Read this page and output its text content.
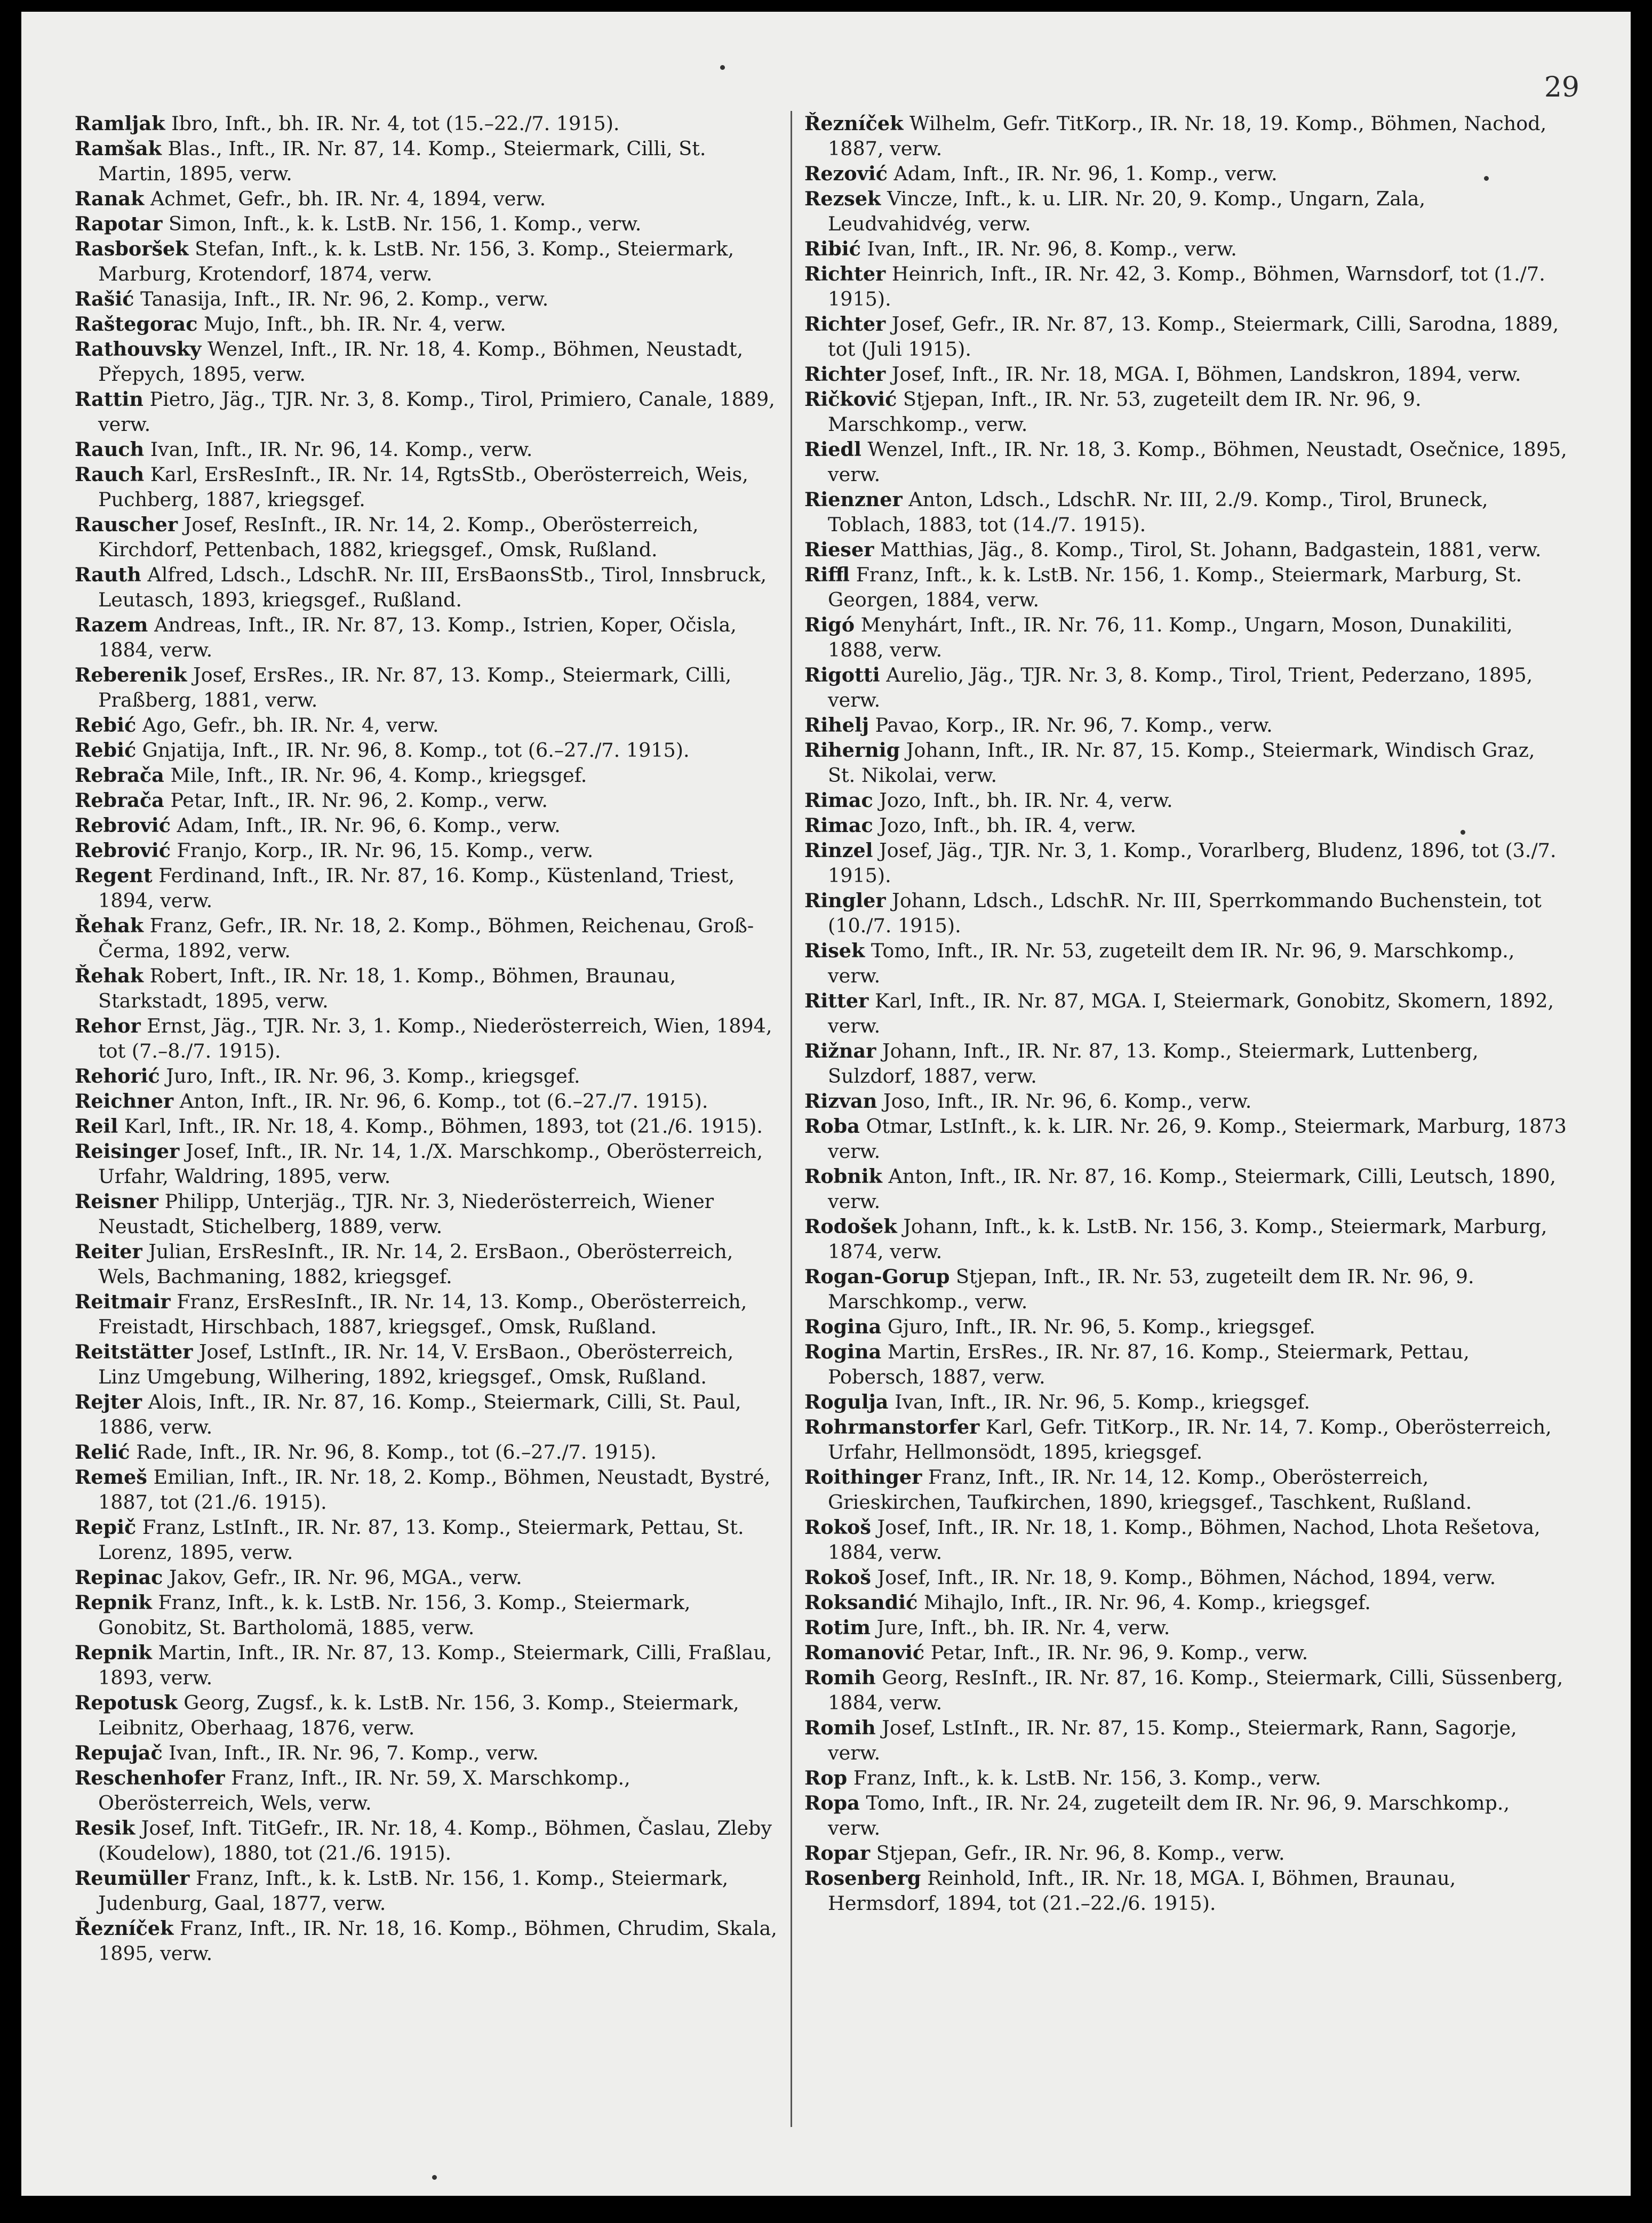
29

Ramljak Ibro, Inft., bh. IR. Nr. 4, tot (15.–22./7. 1915).

Ramšak Blas., Inft., IR. Nr. 87, 14. Komp., Steiermark, Cilli, St. Martin, 1895, verw.

Ranak Achmet, Gefr., bh. IR. Nr. 4, 1894, verw.

Rapotar Simon, Inft., k. k. LstB. Nr. 156, 1. Komp., verw.

Rasboršek Stefan, Inft., k. k. LstB. Nr. 156, 3. Komp., Steiermark, Marburg, Krotendorf, 1874, verw.

Rašić Tanasija, Inft., IR. Nr. 96, 2. Komp., verw.

Raštegorac Mujo, Inft., bh. IR. Nr. 4, verw.

Rathouvsky Wenzel, Inft., IR. Nr. 18, 4. Komp., Böhmen, Neustadt, Přepych, 1895, verw.

Rattin Pietro, Jäg., TJR. Nr. 3, 8. Komp., Tirol, Primiero, Canale, 1889, verw.

Rauch Ivan, Inft., IR. Nr. 96, 14. Komp., verw.

Rauch Karl, ErsResInft., IR. Nr. 14, RgtsStb., Oberösterreich, Weis, Puchberg, 1887, kriegsgef.

Rauscher Josef, ResInft., IR. Nr. 14, 2. Komp., Oberösterreich, Kirchdorf, Pettenbach, 1882, kriegsgef., Omsk, Rußland.

Rauth Alfred, Ldsch., LdschR. Nr. III, ErsBaonsStb., Tirol, Innsbruck, Leutasch, 1893, kriegsgef., Rußland.

Razem Andreas, Inft., IR. Nr. 87, 13. Komp., Istrien, Koper, Očisla, 1884, verw.

Reberenik Josef, ErsRes., IR. Nr. 87, 13. Komp., Steiermark, Cilli, Praßberg, 1881, verw.

Rebić Ago, Gefr., bh. IR. Nr. 4, verw.

Rebić Gnjatija, Inft., IR. Nr. 96, 8. Komp., tot (6.–27./7. 1915).

Rebrača Mile, Inft., IR. Nr. 96, 4. Komp., kriegsgef.

Rebrača Petar, Inft., IR. Nr. 96, 2. Komp., verw.

Rebrović Adam, Inft., IR. Nr. 96, 6. Komp., verw.

Rebrović Franjo, Korp., IR. Nr. 96, 15. Komp., verw.

Regent Ferdinand, Inft., IR. Nr. 87, 16. Komp., Küstenland, Triest, 1894, verw.

Řehak Franz, Gefr., IR. Nr. 18, 2. Komp., Böhmen, Reichenau, Groß-Čerma, 1892, verw.

Řehak Robert, Inft., IR. Nr. 18, 1. Komp., Böhmen, Braunau, Starkstadt, 1895, verw.

Rehor Ernst, Jäg., TJR. Nr. 3, 1. Komp., Niederösterreich, Wien, 1894, tot (7.–8./7. 1915).

Rehorić Juro, Inft., IR. Nr. 96, 3. Komp., kriegsgef.

Reichner Anton, Inft., IR. Nr. 96, 6. Komp., tot (6.–27./7. 1915).

Reil Karl, Inft., IR. Nr. 18, 4. Komp., Böhmen, 1893, tot (21./6. 1915).

Reisinger Josef, Inft., IR. Nr. 14, 1./X. Marschkomp., Oberösterreich, Urfahr, Waldring, 1895, verw.

Reisner Philipp, Unterjäg., TJR. Nr. 3, Niederösterreich, Wiener Neustadt, Stichelberg, 1889, verw.

Reiter Julian, ErsResInft., IR. Nr. 14, 2. ErsBaon., Oberösterreich, Wels, Bachmaning, 1882, kriegsgef.

Reitmair Franz, ErsResInft., IR. Nr. 14, 13. Komp., Oberösterreich, Freistadt, Hirschbach, 1887, kriegsgef., Omsk, Rußland.

Reitstätter Josef, LstInft., IR. Nr. 14, V. ErsBaon., Oberösterreich, Linz Umgebung, Wilhering, 1892, kriegsgef., Omsk, Rußland.

Rejter Alois, Inft., IR. Nr. 87, 16. Komp., Steiermark, Cilli, St. Paul, 1886, verw.

Relić Rade, Inft., IR. Nr. 96, 8. Komp., tot (6.–27./7. 1915).

Remeš Emilian, Inft., IR. Nr. 18, 2. Komp., Böhmen, Neustadt, Bystré, 1887, tot (21./6. 1915).

Repič Franz, LstInft., IR. Nr. 87, 13. Komp., Steiermark, Pettau, St. Lorenz, 1895, verw.

Repinac Jakov, Gefr., IR. Nr. 96, MGA., verw.

Repnik Franz, Inft., k. k. LstB. Nr. 156, 3. Komp., Steiermark, Gonobitz, St. Bartholomä, 1885, verw.

Repnik Martin, Inft., IR. Nr. 87, 13. Komp., Steiermark, Cilli, Fraßlau, 1893, verw.

Repotusk Georg, Zugsf., k. k. LstB. Nr. 156, 3. Komp., Steiermark, Leibnitz, Oberhaag, 1876, verw.

Repujač Ivan, Inft., IR. Nr. 96, 7. Komp., verw.

Reschenhofer Franz, Inft., IR. Nr. 59, X. Marschkomp., Oberösterreich, Wels, verw.

Resik Josef, Inft. TitGefr., IR. Nr. 18, 4. Komp., Böhmen, Časlau, Zleby (Koudelow), 1880, tot (21./6. 1915).

Reumüller Franz, Inft., k. k. LstB. Nr. 156, 1. Komp., Steiermark, Judenburg, Gaal, 1877, verw.

Řezníček Franz, Inft., IR. Nr. 18, 16. Komp., Böhmen, Chrudim, Skala, 1895, verw.

Řezníček Wilhelm, Gefr. TitKorp., IR. Nr. 18, 19. Komp., Böhmen, Nachod, 1887, verw.

Rezović Adam, Inft., IR. Nr. 96, 1. Komp., verw.

Rezsek Vincze, Inft., k. u. LIR. Nr. 20, 9. Komp., Ungarn, Zala, Leudvahidvég, verw.

Ribić Ivan, Inft., IR. Nr. 96, 8. Komp., verw.

Richter Heinrich, Inft., IR. Nr. 42, 3. Komp., Böhmen, Warnsdorf, tot (1./7. 1915).

Richter Josef, Gefr., IR. Nr. 87, 13. Komp., Steiermark, Cilli, Sarodna, 1889, tot (Juli 1915).

Richter Josef, Inft., IR. Nr. 18, MGA. I, Böhmen, Landskron, 1894, verw.

Ričković Stjepan, Inft., IR. Nr. 53, zugeteilt dem IR. Nr. 96, 9. Marschkomp., verw.

Riedl Wenzel, Inft., IR. Nr. 18, 3. Komp., Böhmen, Neustadt, Osečnice, 1895, verw.

Rienzner Anton, Ldsch., LdschR. Nr. III, 2./9. Komp., Tirol, Bruneck, Toblach, 1883, tot (14./7. 1915).

Rieser Matthias, Jäg., 8. Komp., Tirol, St. Johann, Badgastein, 1881, verw.

Riffl Franz, Inft., k. k. LstB. Nr. 156, 1. Komp., Steiermark, Marburg, St. Georgen, 1884, verw.

Rigó Menyhárt, Inft., IR. Nr. 76, 11. Komp., Ungarn, Moson, Dunakiliti, 1888, verw.

Rigotti Aurelio, Jäg., TJR. Nr. 3, 8. Komp., Tirol, Trient, Pederzano, 1895, verw.

Rihelj Pavao, Korp., IR. Nr. 96, 7. Komp., verw.

Rihernig Johann, Inft., IR. Nr. 87, 15. Komp., Steiermark, Windisch Graz, St. Nikolai, verw.

Rimac Jozo, Inft., bh. IR. Nr. 4, verw.

Rimac Jozo, Inft., bh. IR. 4, verw.

Rinzel Josef, Jäg., TJR. Nr. 3, 1. Komp., Vorarlberg, Bludenz, 1896, tot (3./7. 1915).

Ringler Johann, Ldsch., LdschR. Nr. III, Sperrkommando Buchenstein, tot (10./7. 1915).

Risek Tomo, Inft., IR. Nr. 53, zugeteilt dem IR. Nr. 96, 9. Marschkomp., verw.

Ritter Karl, Inft., IR. Nr. 87, MGA. I, Steiermark, Gonobitz, Skomern, 1892, verw.

Rižnar Johann, Inft., IR. Nr. 87, 13. Komp., Steiermark, Luttenberg, Sulzdorf, 1887, verw.

Rizvan Joso, Inft., IR. Nr. 96, 6. Komp., verw.

Roba Otmar, LstInft., k. k. LIR. Nr. 26, 9. Komp., Steiermark, Marburg, 1873 verw.

Robnik Anton, Inft., IR. Nr. 87, 16. Komp., Steiermark, Cilli, Leutsch, 1890, verw.

Rodošek Johann, Inft., k. k. LstB. Nr. 156, 3. Komp., Steiermark, Marburg, 1874, verw.

Rogan-Gorup Stjepan, Inft., IR. Nr. 53, zugeteilt dem IR. Nr. 96, 9. Marschkomp., verw.

Rogina Gjuro, Inft., IR. Nr. 96, 5. Komp., kriegsgef.

Rogina Martin, ErsRes., IR. Nr. 87, 16. Komp., Steiermark, Pettau, Pobersch, 1887, verw.

Rogulja Ivan, Inft., IR. Nr. 96, 5. Komp., kriegsgef.

Rohrmanstorfer Karl, Gefr. TitKorp., IR. Nr. 14, 7. Komp., Oberösterreich, Urfahr, Hellmonsödt, 1895, kriegsgef.

Roithinger Franz, Inft., IR. Nr. 14, 12. Komp., Oberösterreich, Grieskirchen, Taufkirchen, 1890, kriegsgef., Taschkent, Rußland.

Rokoš Josef, Inft., IR. Nr. 18, 1. Komp., Böhmen, Nachod, Lhota Rešetova, 1884, verw.

Rokoš Josef, Inft., IR. Nr. 18, 9. Komp., Böhmen, Náchod, 1894, verw.

Roksandić Mihajlo, Inft., IR. Nr. 96, 4. Komp., kriegsgef.

Rotim Jure, Inft., bh. IR. Nr. 4, verw.

Romanović Petar, Inft., IR. Nr. 96, 9. Komp., verw.

Romih Georg, ResInft., IR. Nr. 87, 16. Komp., Steiermark, Cilli, Süssenberg, 1884, verw.

Romih Josef, LstInft., IR. Nr. 87, 15. Komp., Steiermark, Rann, Sagorje, verw.

Rop Franz, Inft., k. k. LstB. Nr. 156, 3. Komp., verw.

Ropa Tomo, Inft., IR. Nr. 24, zugeteilt dem IR. Nr. 96, 9. Marschkomp., verw.

Ropar Stjepan, Gefr., IR. Nr. 96, 8. Komp., verw.

Rosenberg Reinhold, Inft., IR. Nr. 18, MGA. I, Böhmen, Braunau, Hermsdorf, 1894, tot (21.–22./6. 1915).
